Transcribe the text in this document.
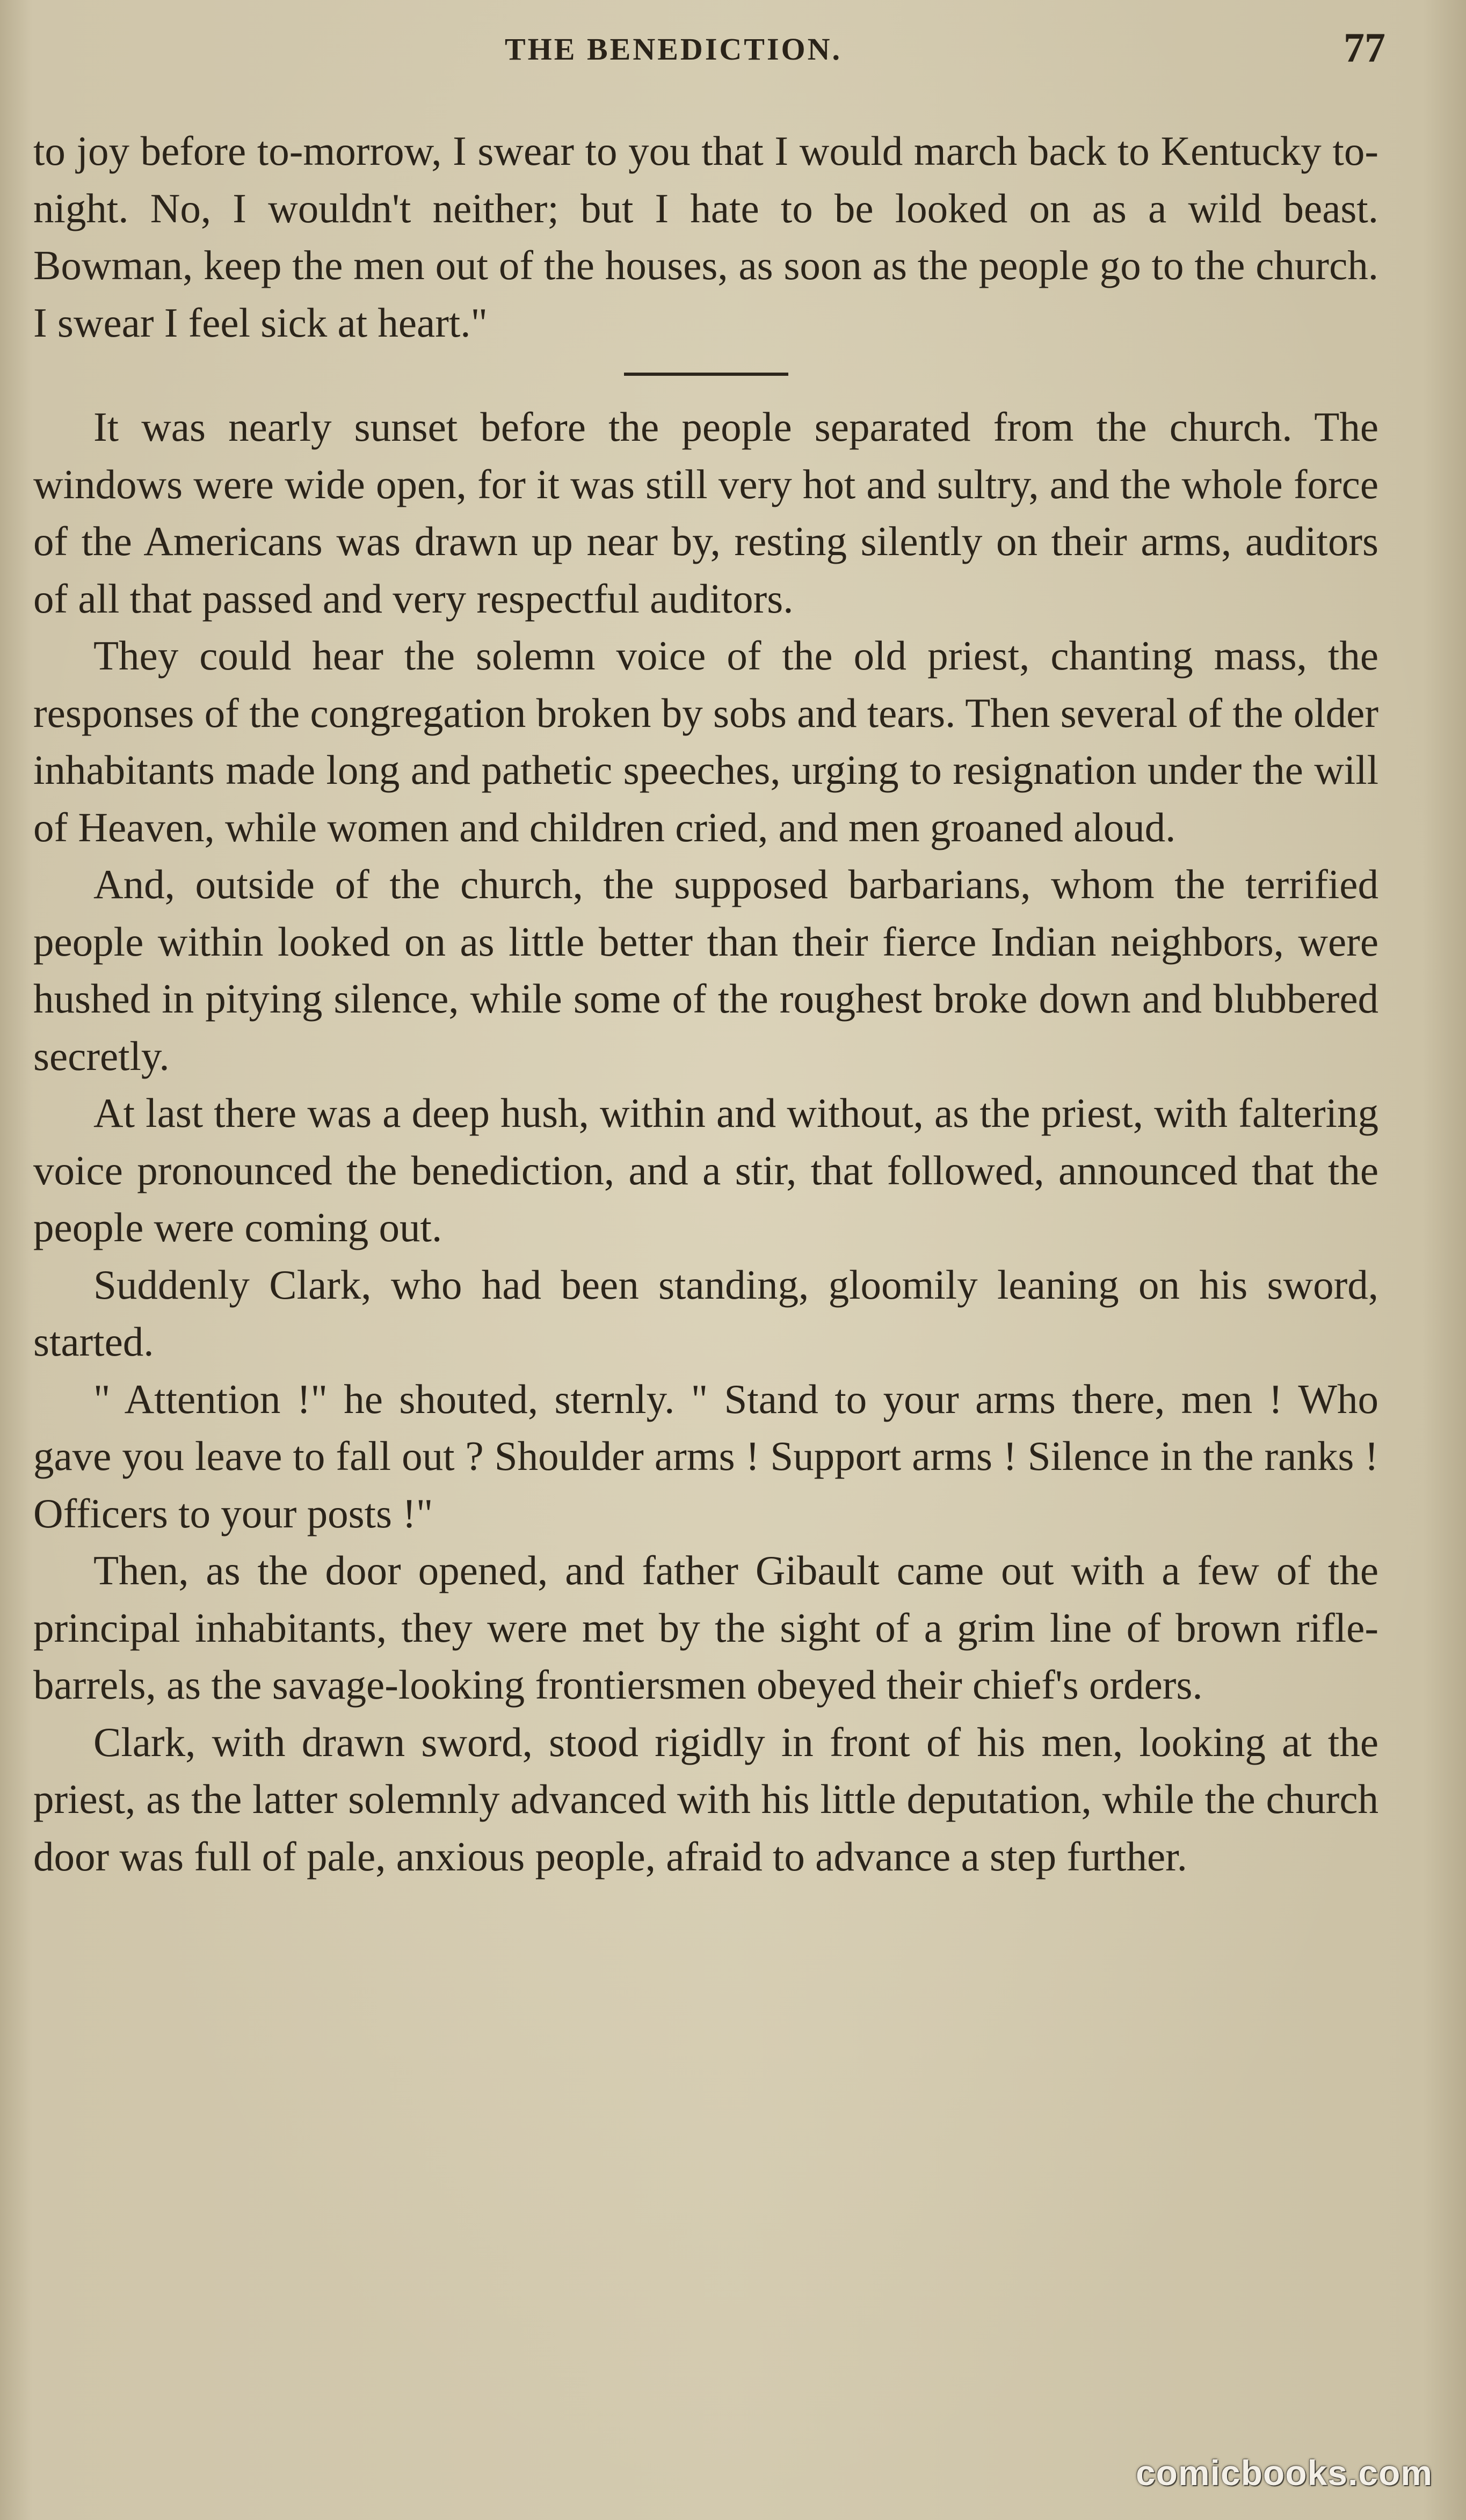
THE BENEDICTION.	77

to joy before to-morrow, I swear to you that I would march back to Kentucky to-night. No, I wouldn't neither; but I hate to be looked on as a wild beast. Bowman, keep the men out of the houses, as soon as the people go to the church. I swear I feel sick at heart."

It was nearly sunset before the people separated from the church. The windows were wide open, for it was still very hot and sultry, and the whole force of the Americans was drawn up near by, resting silently on their arms, auditors of all that passed and very respectful auditors.

They could hear the solemn voice of the old priest, chanting mass, the responses of the congregation broken by sobs and tears. Then several of the older inhabitants made long and pathetic speeches, urging to resignation under the will of Heaven, while women and children cried, and men groaned aloud.

And, outside of the church, the supposed barbarians, whom the terrified people within looked on as little better than their fierce Indian neighbors, were hushed in pitying silence, while some of the roughest broke down and blubbered secretly.

At last there was a deep hush, within and without, as the priest, with faltering voice pronounced the benediction, and a stir, that followed, announced that the people were coming out.

Suddenly Clark, who had been standing, gloomily leaning on his sword, started.

" Attention !" he shouted, sternly. " Stand to your arms there, men ! Who gave you leave to fall out ? Shoulder arms ! Support arms ! Silence in the ranks ! Officers to your posts !"

Then, as the door opened, and father Gibault came out with a few of the principal inhabitants, they were met by the sight of a grim line of brown rifle-barrels, as the savage-looking frontiersmen obeyed their chief's orders.

Clark, with drawn sword, stood rigidly in front of his men, looking at the priest, as the latter solemnly advanced with his little deputation, while the church door was full of pale, anxious people, afraid to advance a step further.

comicbooks.com
